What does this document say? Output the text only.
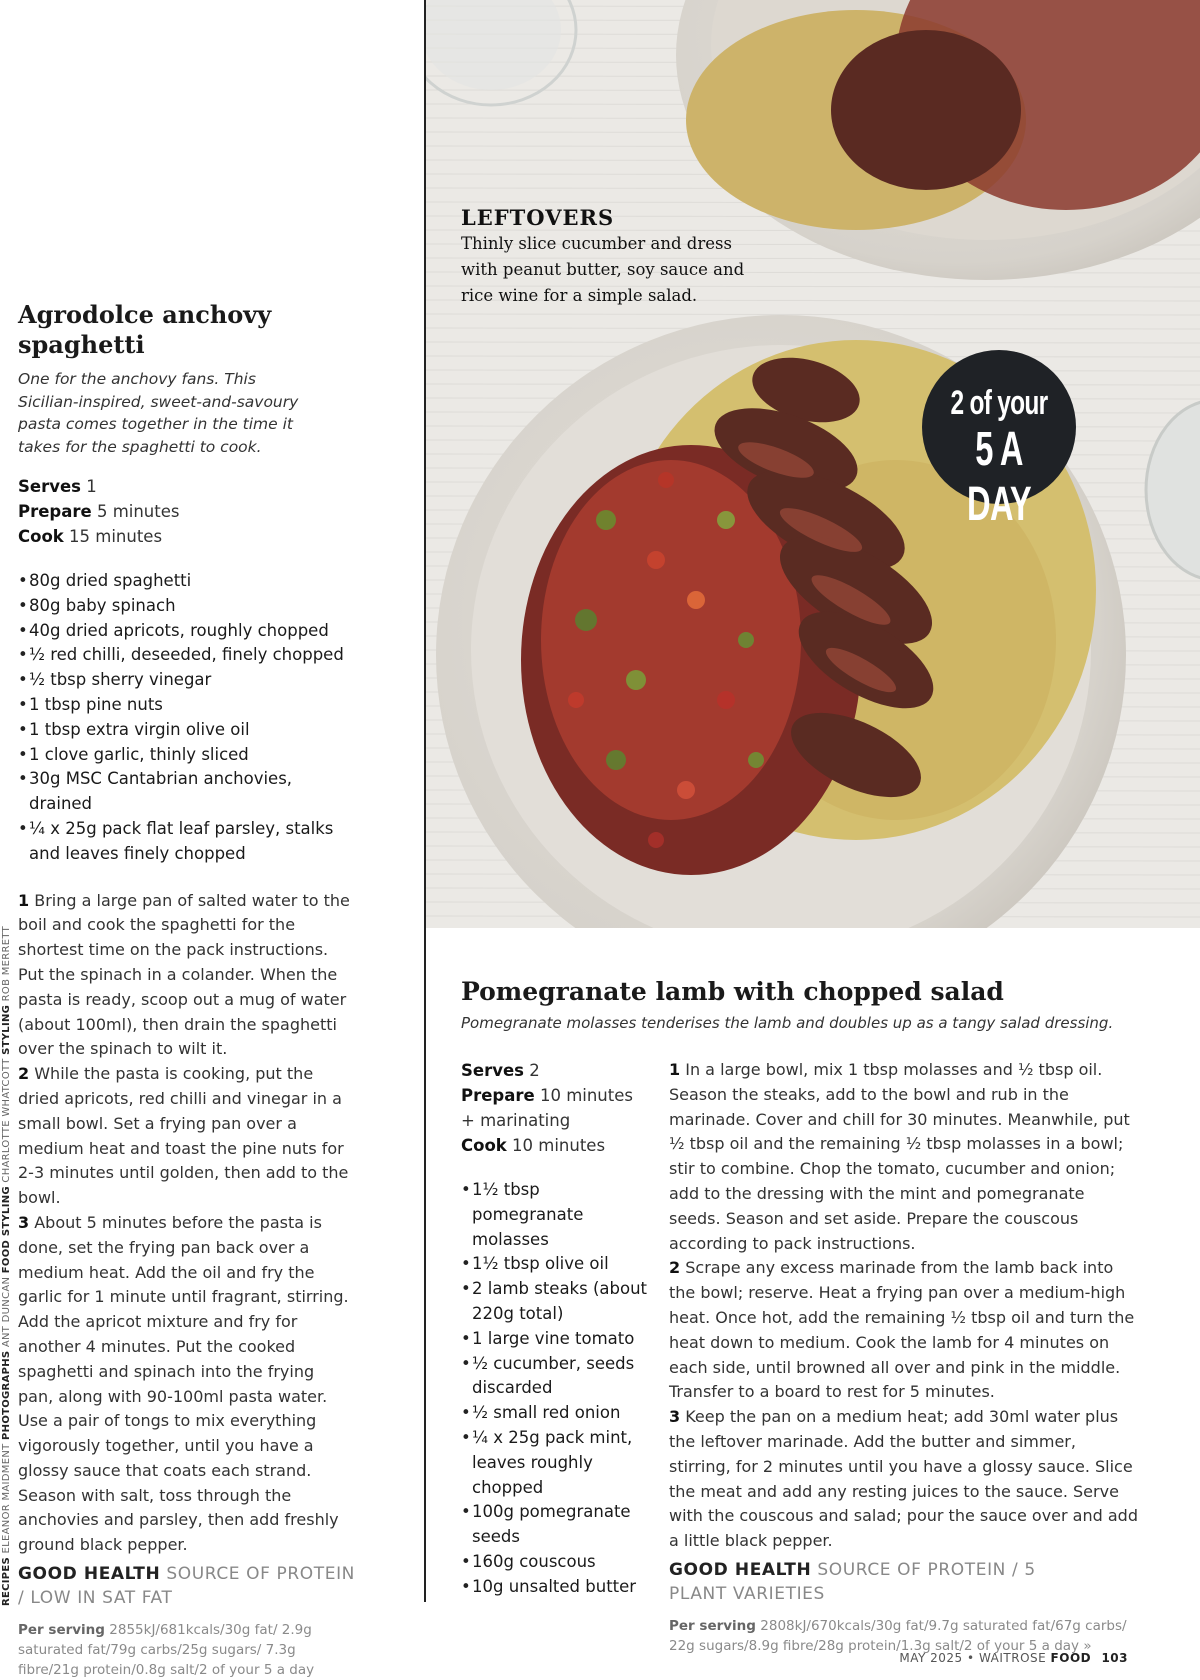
Agrodolce anchovy spaghetti

One for the anchovy fans. This Sicilian-inspired, sweet-and-savoury pasta comes together in the time it takes for the spaghetti to cook.

Serves 1
Prepare 5 minutes
Cook 15 minutes
• 80g dried spaghetti
• 80g baby spinach
• 40g dried apricots, roughly chopped
• ½ red chilli, deseeded, finely chopped
• ½ tbsp sherry vinegar
• 1 tbsp pine nuts
• 1 tbsp extra virgin olive oil
• 1 clove garlic, thinly sliced
• 30g MSC Cantabrian anchovies, drained
• ¼ x 25g pack flat leaf parsley, stalks and leaves finely chopped

1 Bring a large pan of salted water to the boil and cook the spaghetti for the shortest time on the pack instructions. Put the spinach in a colander. When the pasta is ready, scoop out a mug of water (about 100ml), then drain the spaghetti over the spinach to wilt it.

2 While the pasta is cooking, put the dried apricots, red chilli and vinegar in a small bowl. Set a frying pan over a medium heat and toast the pine nuts for 2-3 minutes until golden, then add to the bowl.

3 About 5 minutes before the pasta is done, set the frying pan back over a medium heat. Add the oil and fry the garlic for 1 minute until fragrant, stirring. Add the apricot mixture and fry for another 4 minutes. Put the cooked spaghetti and spinach into the frying pan, along with 90-100ml pasta water. Use a pair of tongs to mix everything vigorously together, until you have a glossy sauce that coats each strand. Season with salt, toss through the anchovies and parsley, then add freshly ground black pepper.

GOOD HEALTH SOURCE OF PROTEIN / LOW IN SAT FAT
Per serving 2855kJ/681kcals/30g fat/ 2.9g saturated fat/79g carbs/25g sugars/ 7.3g fibre/21g protein/0.8g salt/2 of your 5 a day
RECIPES ELEANOR MAIDMENT PHOTOGRAPHS ANT DUNCAN FOOD STYLING CHARLOTTE WHATCOTT STYLING ROB MERRETT
LEFTOVERS
Thinly slice cucumber and dress with peanut butter, soy sauce and rice wine for a simple salad.
2 of your
5 A DAY
Pomegranate lamb with chopped salad

Pomegranate molasses tenderises the lamb and doubles up as a tangy salad dressing.

Serves 2
Prepare 10 minutes + marinating
Cook 10 minutes
• 1½ tbsp pomegranate molasses
• 1½ tbsp olive oil
• 2 lamb steaks (about 220g total)
• 1 large vine tomato
• ½ cucumber, seeds discarded
• ½ small red onion
• ¼ x 25g pack mint, leaves roughly chopped
• 100g pomegranate seeds
• 160g couscous
• 10g unsalted butter

1 In a large bowl, mix 1 tbsp molasses and ½ tbsp oil. Season the steaks, add to the bowl and rub in the marinade. Cover and chill for 30 minutes. Meanwhile, put ½ tbsp oil and the remaining ½ tbsp molasses in a bowl; stir to combine. Chop the tomato, cucumber and onion; add to the dressing with the mint and pomegranate seeds. Season and set aside. Prepare the couscous according to pack instructions.

2 Scrape any excess marinade from the lamb back into the bowl; reserve. Heat a frying pan over a medium-high heat. Once hot, add the remaining ½ tbsp oil and turn the heat down to medium. Cook the lamb for 4 minutes on each side, until browned all over and pink in the middle. Transfer to a board to rest for 5 minutes.

3 Keep the pan on a medium heat; add 30ml water plus the leftover marinade. Add the butter and simmer, stirring, for 2 minutes until you have a glossy sauce. Slice the meat and add any resting juices to the sauce. Serve with the couscous and salad; pour the sauce over and add a little black pepper.

GOOD HEALTH SOURCE OF PROTEIN / 5 PLANT VARIETIES
Per serving 2808kJ/670kcals/30g fat/9.7g saturated fat/67g carbs/ 22g sugars/8.9g fibre/28g protein/1.3g salt/2 of your 5 a day »
MAY 2025 • WAITROSE FOOD 103
